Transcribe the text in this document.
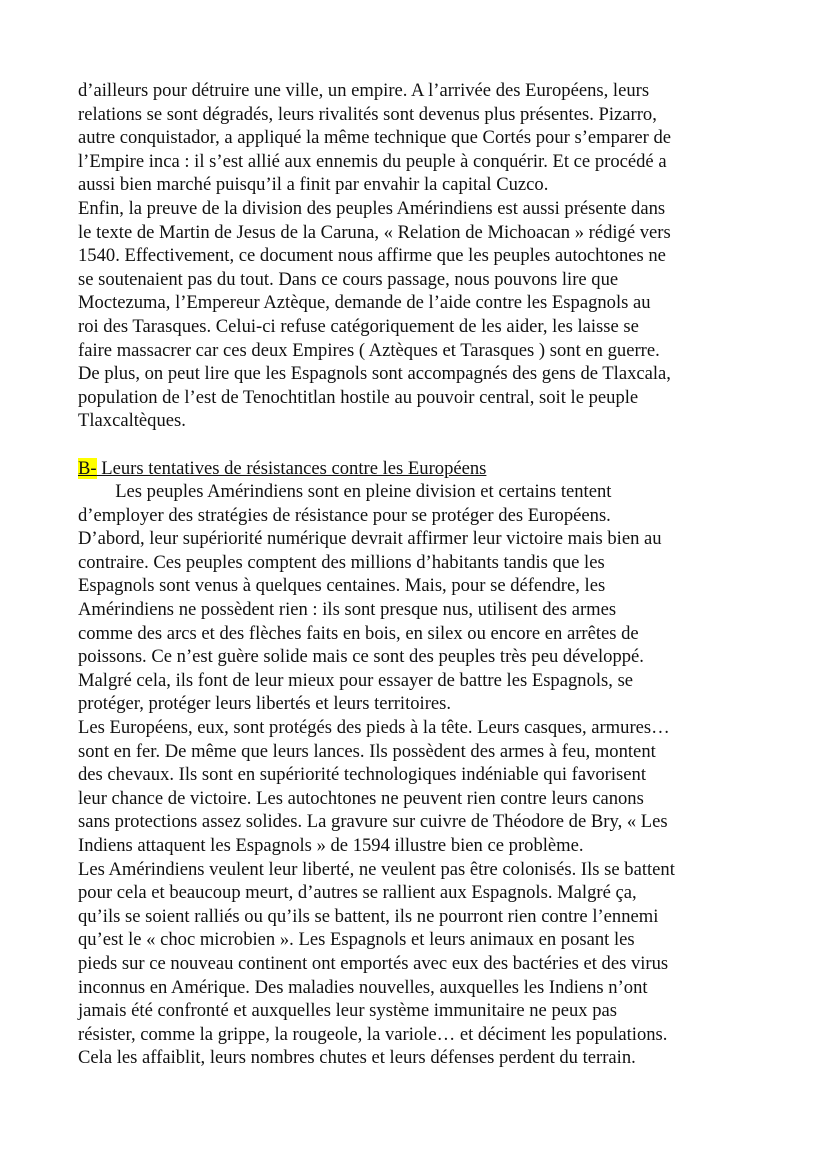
d’ailleurs pour détruire une ville, un empire. A l’arrivée des Européens, leurs
relations se sont dégradés, leurs rivalités sont devenus plus présentes. Pizarro,
autre conquistador, a appliqué la même technique que Cortés pour s’emparer de
l’Empire inca : il s’est allié aux ennemis du peuple à conquérir. Et ce procédé a
aussi bien marché puisqu’il a finit par envahir la capital Cuzco.
Enfin, la preuve de la division des peuples Amérindiens est aussi présente dans
le texte de Martin de Jesus de la Caruna, « Relation de Michoacan » rédigé vers
1540. Effectivement, ce document nous affirme que les peuples autochtones ne
se soutenaient pas du tout. Dans ce cours passage, nous pouvons lire que
Moctezuma, l’Empereur Aztèque, demande de l’aide contre les Espagnols au
roi des Tarasques. Celui-ci refuse catégoriquement de les aider, les laisse se
faire massacrer car ces deux Empires ( Aztèques et Tarasques ) sont en guerre.
De plus, on peut lire que les Espagnols sont accompagnés des gens de Tlaxcala,
population de l’est de Tenochtitlan hostile au pouvoir central, soit le peuple
Tlaxcaltèques.
B- Leurs tentatives de résistances contre les Européens
Les peuples Amérindiens sont en pleine division et certains tentent
d’employer des stratégies de résistance pour se protéger des Européens.
D’abord, leur supériorité numérique devrait affirmer leur victoire mais bien au
contraire. Ces peuples comptent des millions d’habitants tandis que les
Espagnols sont venus à quelques centaines. Mais, pour se défendre, les
Amérindiens ne possèdent rien : ils sont presque nus, utilisent des armes
comme des arcs et des flèches faits en bois, en silex ou encore en arrêtes de
poissons. Ce n’est guère solide mais ce sont des peuples très peu développé.
Malgré cela, ils font de leur mieux pour essayer de battre les Espagnols, se
protéger, protéger leurs libertés et leurs territoires.
Les Européens, eux, sont protégés des pieds à la tête. Leurs casques, armures…
sont en fer. De même que leurs lances. Ils possèdent des armes à feu, montent
des chevaux. Ils sont en supériorité technologiques indéniable qui favorisent
leur chance de victoire. Les autochtones ne peuvent rien contre leurs canons
sans protections assez solides. La gravure sur cuivre de Théodore de Bry, « Les
Indiens attaquent les Espagnols » de 1594 illustre bien ce problème.
Les Amérindiens veulent leur liberté, ne veulent pas être colonisés. Ils se battent
pour cela et beaucoup meurt, d’autres se rallient aux Espagnols. Malgré ça,
qu’ils se soient ralliés ou qu’ils se battent, ils ne pourront rien contre l’ennemi
qu’est le « choc microbien ». Les Espagnols et leurs animaux en posant les
pieds sur ce nouveau continent ont emportés avec eux des bactéries et des virus
inconnus en Amérique. Des maladies nouvelles, auxquelles les Indiens n’ont
jamais été confronté et auxquelles leur système immunitaire ne peux pas
résister, comme la grippe, la rougeole, la variole… et déciment les populations.
Cela les affaiblit, leurs nombres chutes et leurs défenses perdent du terrain.
